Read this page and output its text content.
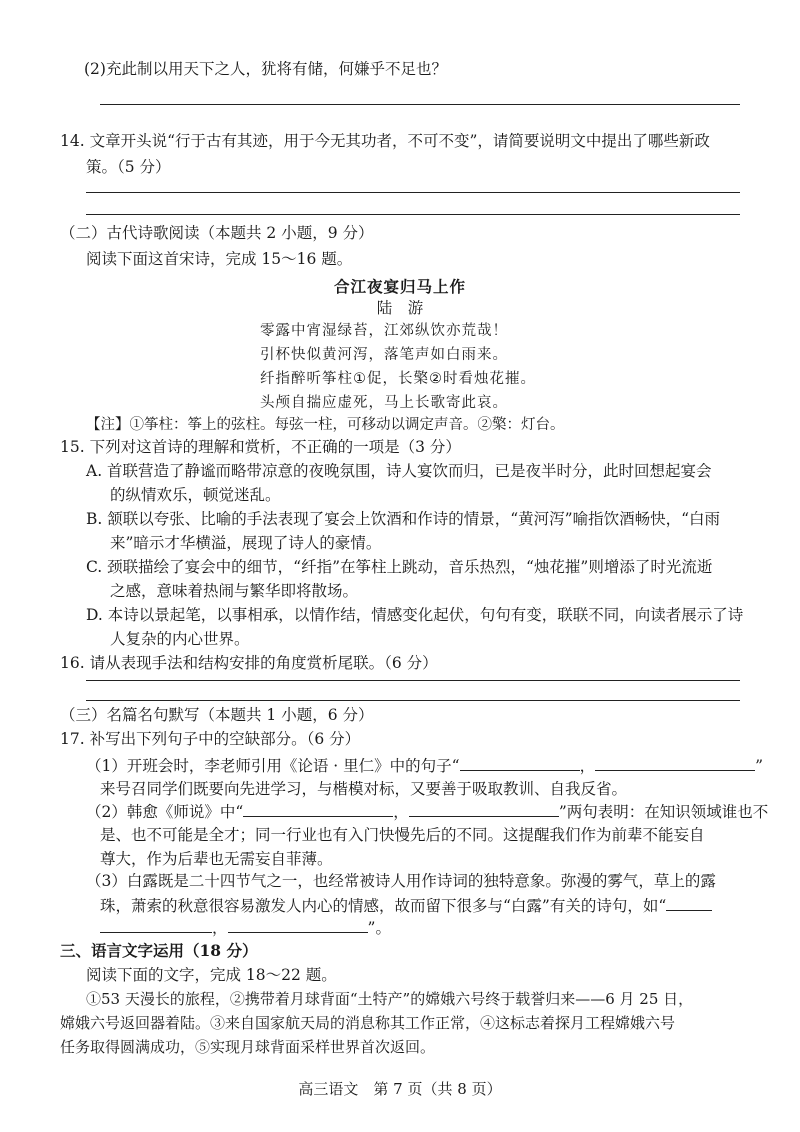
(2)充此制以用天下之人，犹将有储，何嫌乎不足也？
14. 文章开头说“行于古有其迹，用于今无其功者，不可不变”，请简要说明文中提出了哪些新政
策。（5 分）
（二）古代诗歌阅读（本题共 2 小题，9 分）
阅读下面这首宋诗，完成 15～16 题。
合江夜宴归马上作
陆　游
零露中宵湿绿苔，江郊纵饮亦荒哉！
引杯快似黄河泻，落笔声如白雨来。
纤指醉听筝柱①促，长檠②时看烛花摧。
头颅自揣应虚死，马上长歌寄此哀。
【注】①筝柱：筝上的弦柱。每弦一柱，可移动以调定声音。②檠：灯台。
15. 下列对这首诗的理解和赏析，不正确的一项是（3 分）
A. 首联营造了静谧而略带凉意的夜晚氛围，诗人宴饮而归，已是夜半时分，此时回想起宴会
的纵情欢乐，顿觉迷乱。
B. 颔联以夸张、比喻的手法表现了宴会上饮酒和作诗的情景，“黄河泻”喻指饮酒畅快，“白雨
来”暗示才华横溢，展现了诗人的豪情。
C. 颈联描绘了宴会中的细节，“纤指”在筝柱上跳动，音乐热烈，“烛花摧”则增添了时光流逝
之感，意味着热闹与繁华即将散场。
D. 本诗以景起笔，以事相承，以情作结，情感变化起伏，句句有变，联联不同，向读者展示了诗
人复杂的内心世界。
16. 请从表现手法和结构安排的角度赏析尾联。（6 分）
（三）名篇名句默写（本题共 1 小题，6 分）
17. 补写出下列句子中的空缺部分。（6 分）
（1）开班会时，李老师引用《论语 · 里仁》中的句子“	，	”
来号召同学们既要向先进学习，与楷模对标，又要善于吸取教训、自我反省。
（2）韩愈《师说》中“	，	”两句表明：在知识领域谁也不
是、也不可能是全才；同一行业也有入门快慢先后的不同。这提醒我们作为前辈不能妄自
尊大，作为后辈也无需妄自菲薄。
（3）白露既是二十四节气之一，也经常被诗人用作诗词的独特意象。弥漫的雾气，草上的露
珠，萧索的秋意很容易激发人内心的情感，故而留下很多与“白露”有关的诗句，如“
，	”。
三、语言文字运用（18 分）
阅读下面的文字，完成 18～22 题。
①53 天漫长的旅程，②携带着月球背面“土特产”的嫦娥六号终于载誉归来——6 月 25 日，
嫦娥六号返回器着陆。③来自国家航天局的消息称其工作正常，④这标志着探月工程嫦娥六号
任务取得圆满成功，⑤实现月球背面采样世界首次返回。
高三语文　第 7 页（共 8 页）
